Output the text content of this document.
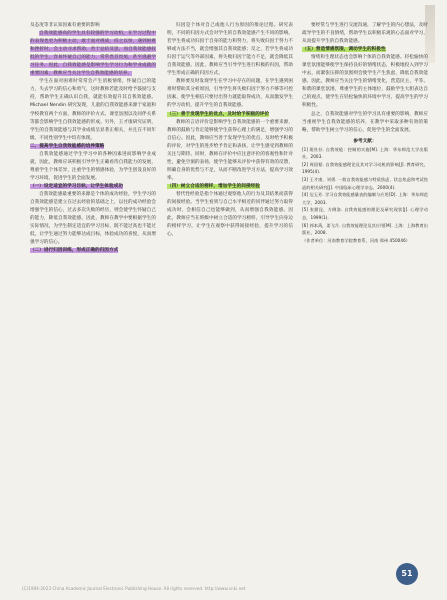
及态度等非认知因素有重要的影响

自我效能感高的学生具有较强的学习动机，在学习过程中的表现也更为积极主动，敢于面对挑战，持之以恒，遇到困难和挫折时，会主动寻求帮助，善于总结反思，而自我效能感较低的学生，容易怀疑自己的能力，常常畏首畏尾，甚至逃避学习任务。因此，自我效能感是影响学生学习行为和学业成就的重要因素，教师应当关注学生自我效能感的培养。

学生在面对困难时常常会产生消极情绪，怀疑自己的能力，失去学习的信心和勇气，这时教师若能及时给予鼓励与支持，帮助学生正确认识自我，就能有效提升其自我效能感。Michael Nendin 研究发现，儿童的自我效能感来源于家庭和学校教育两个方面，教师的评价方式、课堂氛围以及同伴关系等都会影响学生自我效能感的形成。另外，王才康研究证明，学生的自我效能感与其学业成绩呈显著正相关，并且在不同年级、不同性别学生中均有体现。

二、提高学生自我效能感的培养策略

自我效能感通过学生学习中的各种因素进而影响学业成就，因此，教师应该积极引导学生正确看待自我能力的发展，尊重学生个体差异，注重学生的情感体验，为学生创设良好的学习环境，促进学生的全面发展。

（一）设定适宜的学习目标，让学生体验成功

自我效能感最重要的来源是个体的成功经验，学生学习的自我效能感是建立在过去经验的基础之上，以往的成功经验会增强学生的信心，过去多次失败的经历，则会使学生怀疑自己的能力，降低自我效能感。因此，教师在教学中要根据学生的实际情况，为学生制定适宜的学习目标，既不能过高也不能过低，让学生通过努力能够达成目标，体验成功的喜悦，从而增强学习的信心。

（二）进行归因训练，形成正确的归因方式

归因是个体对自己或他人行为原因的推论过程。研究表明，不同的归因方式会对学生的自我效能感产生不同的影响。若学生将成功归因于自身的能力和努力，将失败归因于努力不够或方法不当，就会增强其自我效能感；反之，若学生将成功归因于运气等外部因素，将失败归因于能力不足，就会降低其自我效能感。因此，教师应当引导学生进行积极的归因，帮助学生形成正确的归因方式。

教师要及时发现学生在学习中存在的问题，在学生遇到困难时帮助其分析原因，引导学生将失败归因于努力不够等可控因素，使学生相信只要付出努力就能取得成功，从而激发学生的学习动机，提升学生的自我效能感。

（三）善于发现学生的优点，及时给予积极的评价

教师的言语评价是影响学生自我效能感的一个重要来源，教师的鼓励与肯定能够使学生获得心理上的满足，增强学习的自信心。因此，教师应当善于发现学生的优点，及时给予积极的评价，对学生的进步给予肯定和表扬，让学生感受到教师的关注与期待。同时，教师在评价中应注意评价的客观性和针对性，避免空洞的表扬，使学生能够从评价中获得有效的反馈，明确自身的优势与不足，从而不断改进学习方法，提高学习效率。

（四）树立合适的榜样，增加学生的间接经验

替代性经验是指个体通过观察他人的行为及其结果而获得的间接经验。当学生看到与自己水平相近的同伴通过努力取得成功时，会相信自己也能够做到，从而增强自我效能感。因此，教师应当在班级中树立合适的学习榜样，引导学生向身边的榜样学习，让学生在观察中获得间接经验，提升学习的信心。

要经常与学生进行交流沟通，了解学生的内心想法，及时疏导学生的不良情绪，帮助学生以积极乐观的心态面对学习，从而提升学生的自我效能感。

（五）营造情感氛围，调动学生的积极性

情绪和生理状态也会影响个体的自我效能感。轻松愉快的课堂氛围能够使学生保持良好的情绪状态，积极地投入到学习中去，而紧张压抑的氛围则会使学生产生焦虑，降低自我效能感。因此，教师应当关注学生的情绪变化，营造民主、平等、和谐的课堂氛围，尊重学生的主体地位，鼓励学生大胆表达自己的观点，使学生在轻松愉快的环境中学习，提高学生的学习积极性。

总之，自我效能感对学生的学习具有重要的影响，教师应当重视学生自我效能感的培养，在教学中采取多种有效的策略，帮助学生树立学习的信心，促进学生的全面发展。

参考文献：

[1] 班杜拉. 自我效能：控制的实施[M]. 上海：华东师范大学出版社，2003.

[2] 周国韬. 自我效能感理论及其对学习动机的影响[J]. 教育研究，1995(4).

[3] 王才康，刘勇. 一般自我效能感与特质焦虑、状态焦虑和考试焦虑的相关研究[J]. 中国临床心理学杂志，2000(4).

[4] 边玉芳. 学习自我效能感量表的编制与应用[D]. 上海：华东师范大学，2003.

[5] 张鼎昆，方俐洛. 自我效能感的理论及研究现状[J]. 心理学动态，1999(1).

[6] 郭本禹，姜飞月. 自我效能理论及其应用[M]. 上海：上海教育出版社，2008.

（作者单位：河南教育学院教育系，河南 郑州 450046）

51
(C)1994-2023 China Academic Journal Electronic Publishing House. All rights reserved. http://www.cnki.net
